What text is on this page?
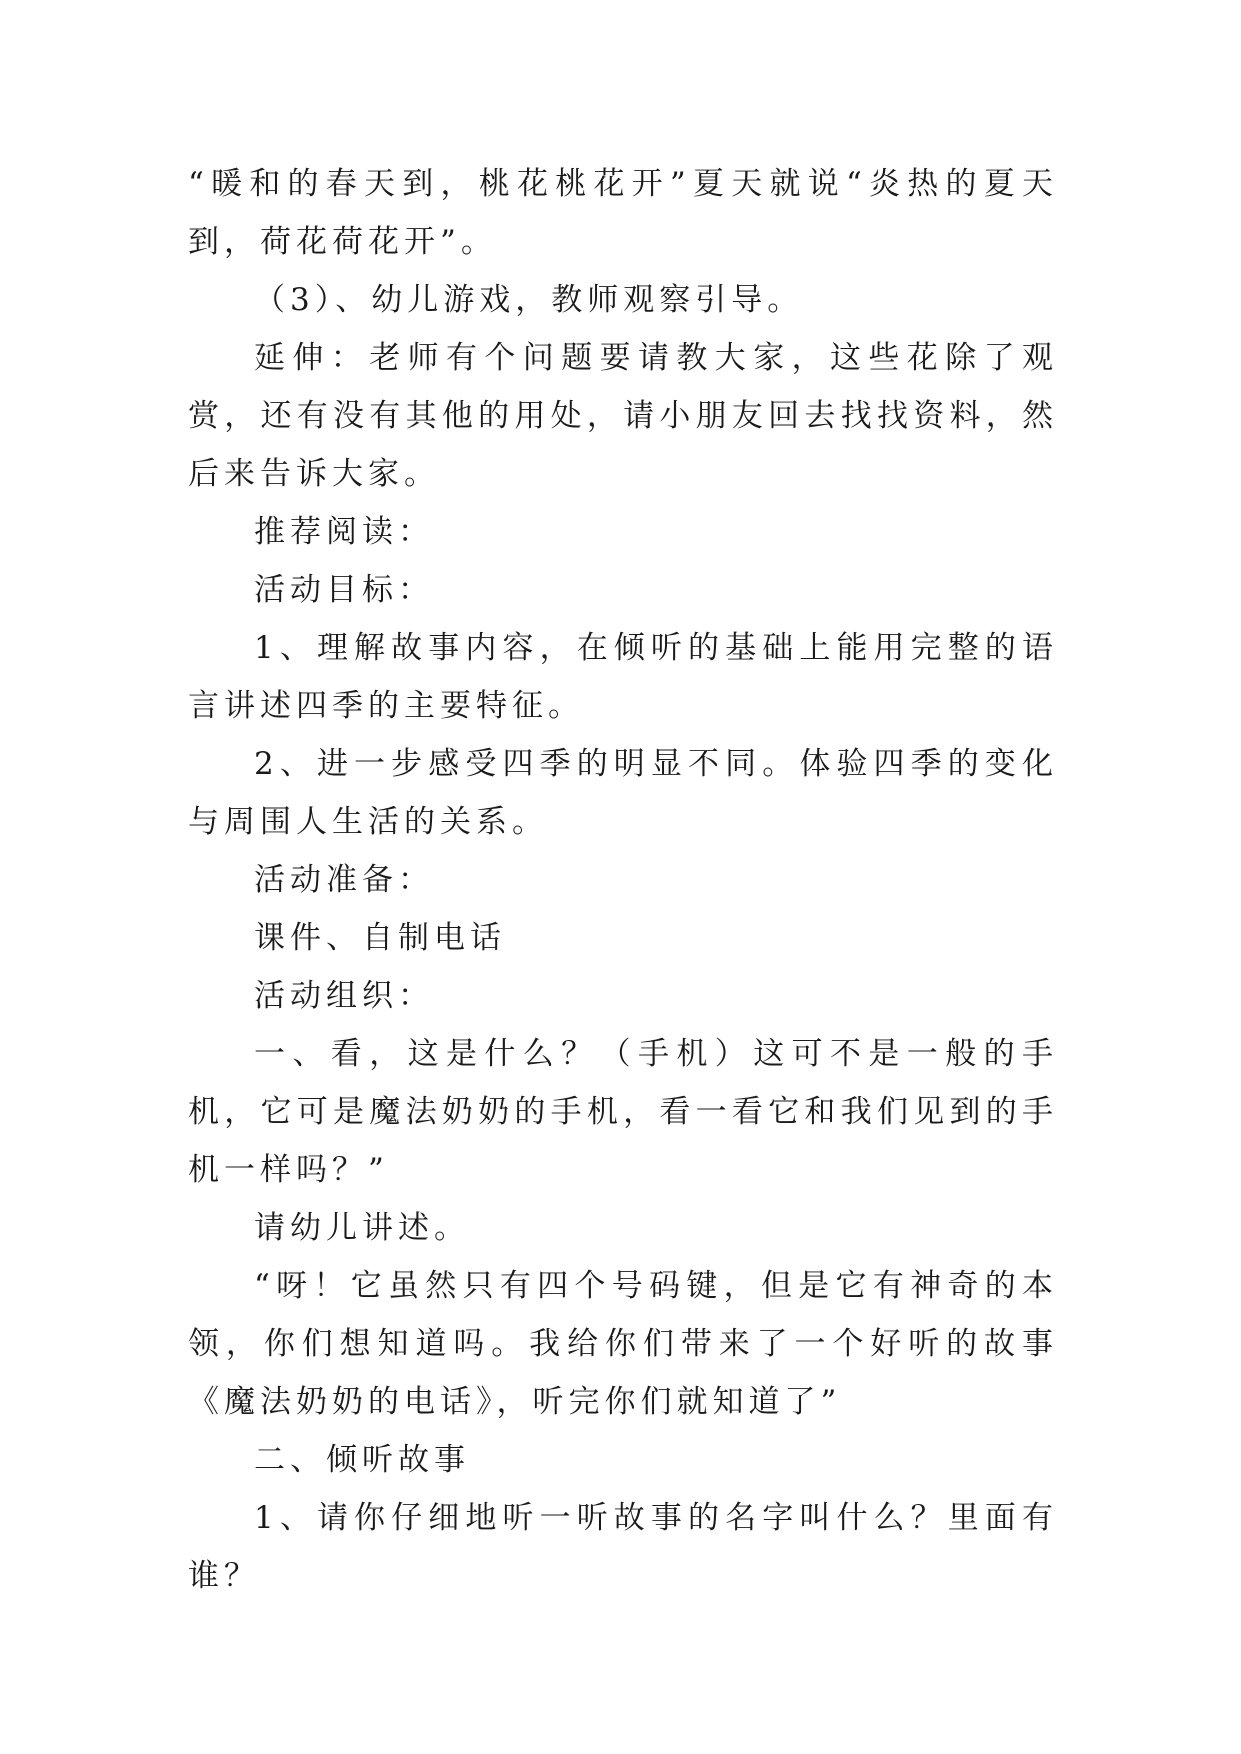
“暖和的春天到，桃花桃花开”夏天就说“炎热的夏天到，荷花荷花开”。

（3）、幼儿游戏，教师观察引导。

延伸：老师有个问题要请教大家，这些花除了观赏，还有没有其他的用处，请小朋友回去找找资料，然后来告诉大家。

推荐阅读：

活动目标：

1、理解故事内容，在倾听的基础上能用完整的语言讲述四季的主要特征。

2、进一步感受四季的明显不同。体验四季的变化与周围人生活的关系。

活动准备：

课件、自制电话

活动组织：

一、看，这是什么？（手机）这可不是一般的手机，它可是魔法奶奶的手机，看一看它和我们见到的手机一样吗？”

请幼儿讲述。

“呀！它虽然只有四个号码键，但是它有神奇的本领，你们想知道吗。我给你们带来了一个好听的故事《魔法奶奶的电话》，听完你们就知道了”

二、倾听故事

1、请你仔细地听一听故事的名字叫什么？里面有谁？
